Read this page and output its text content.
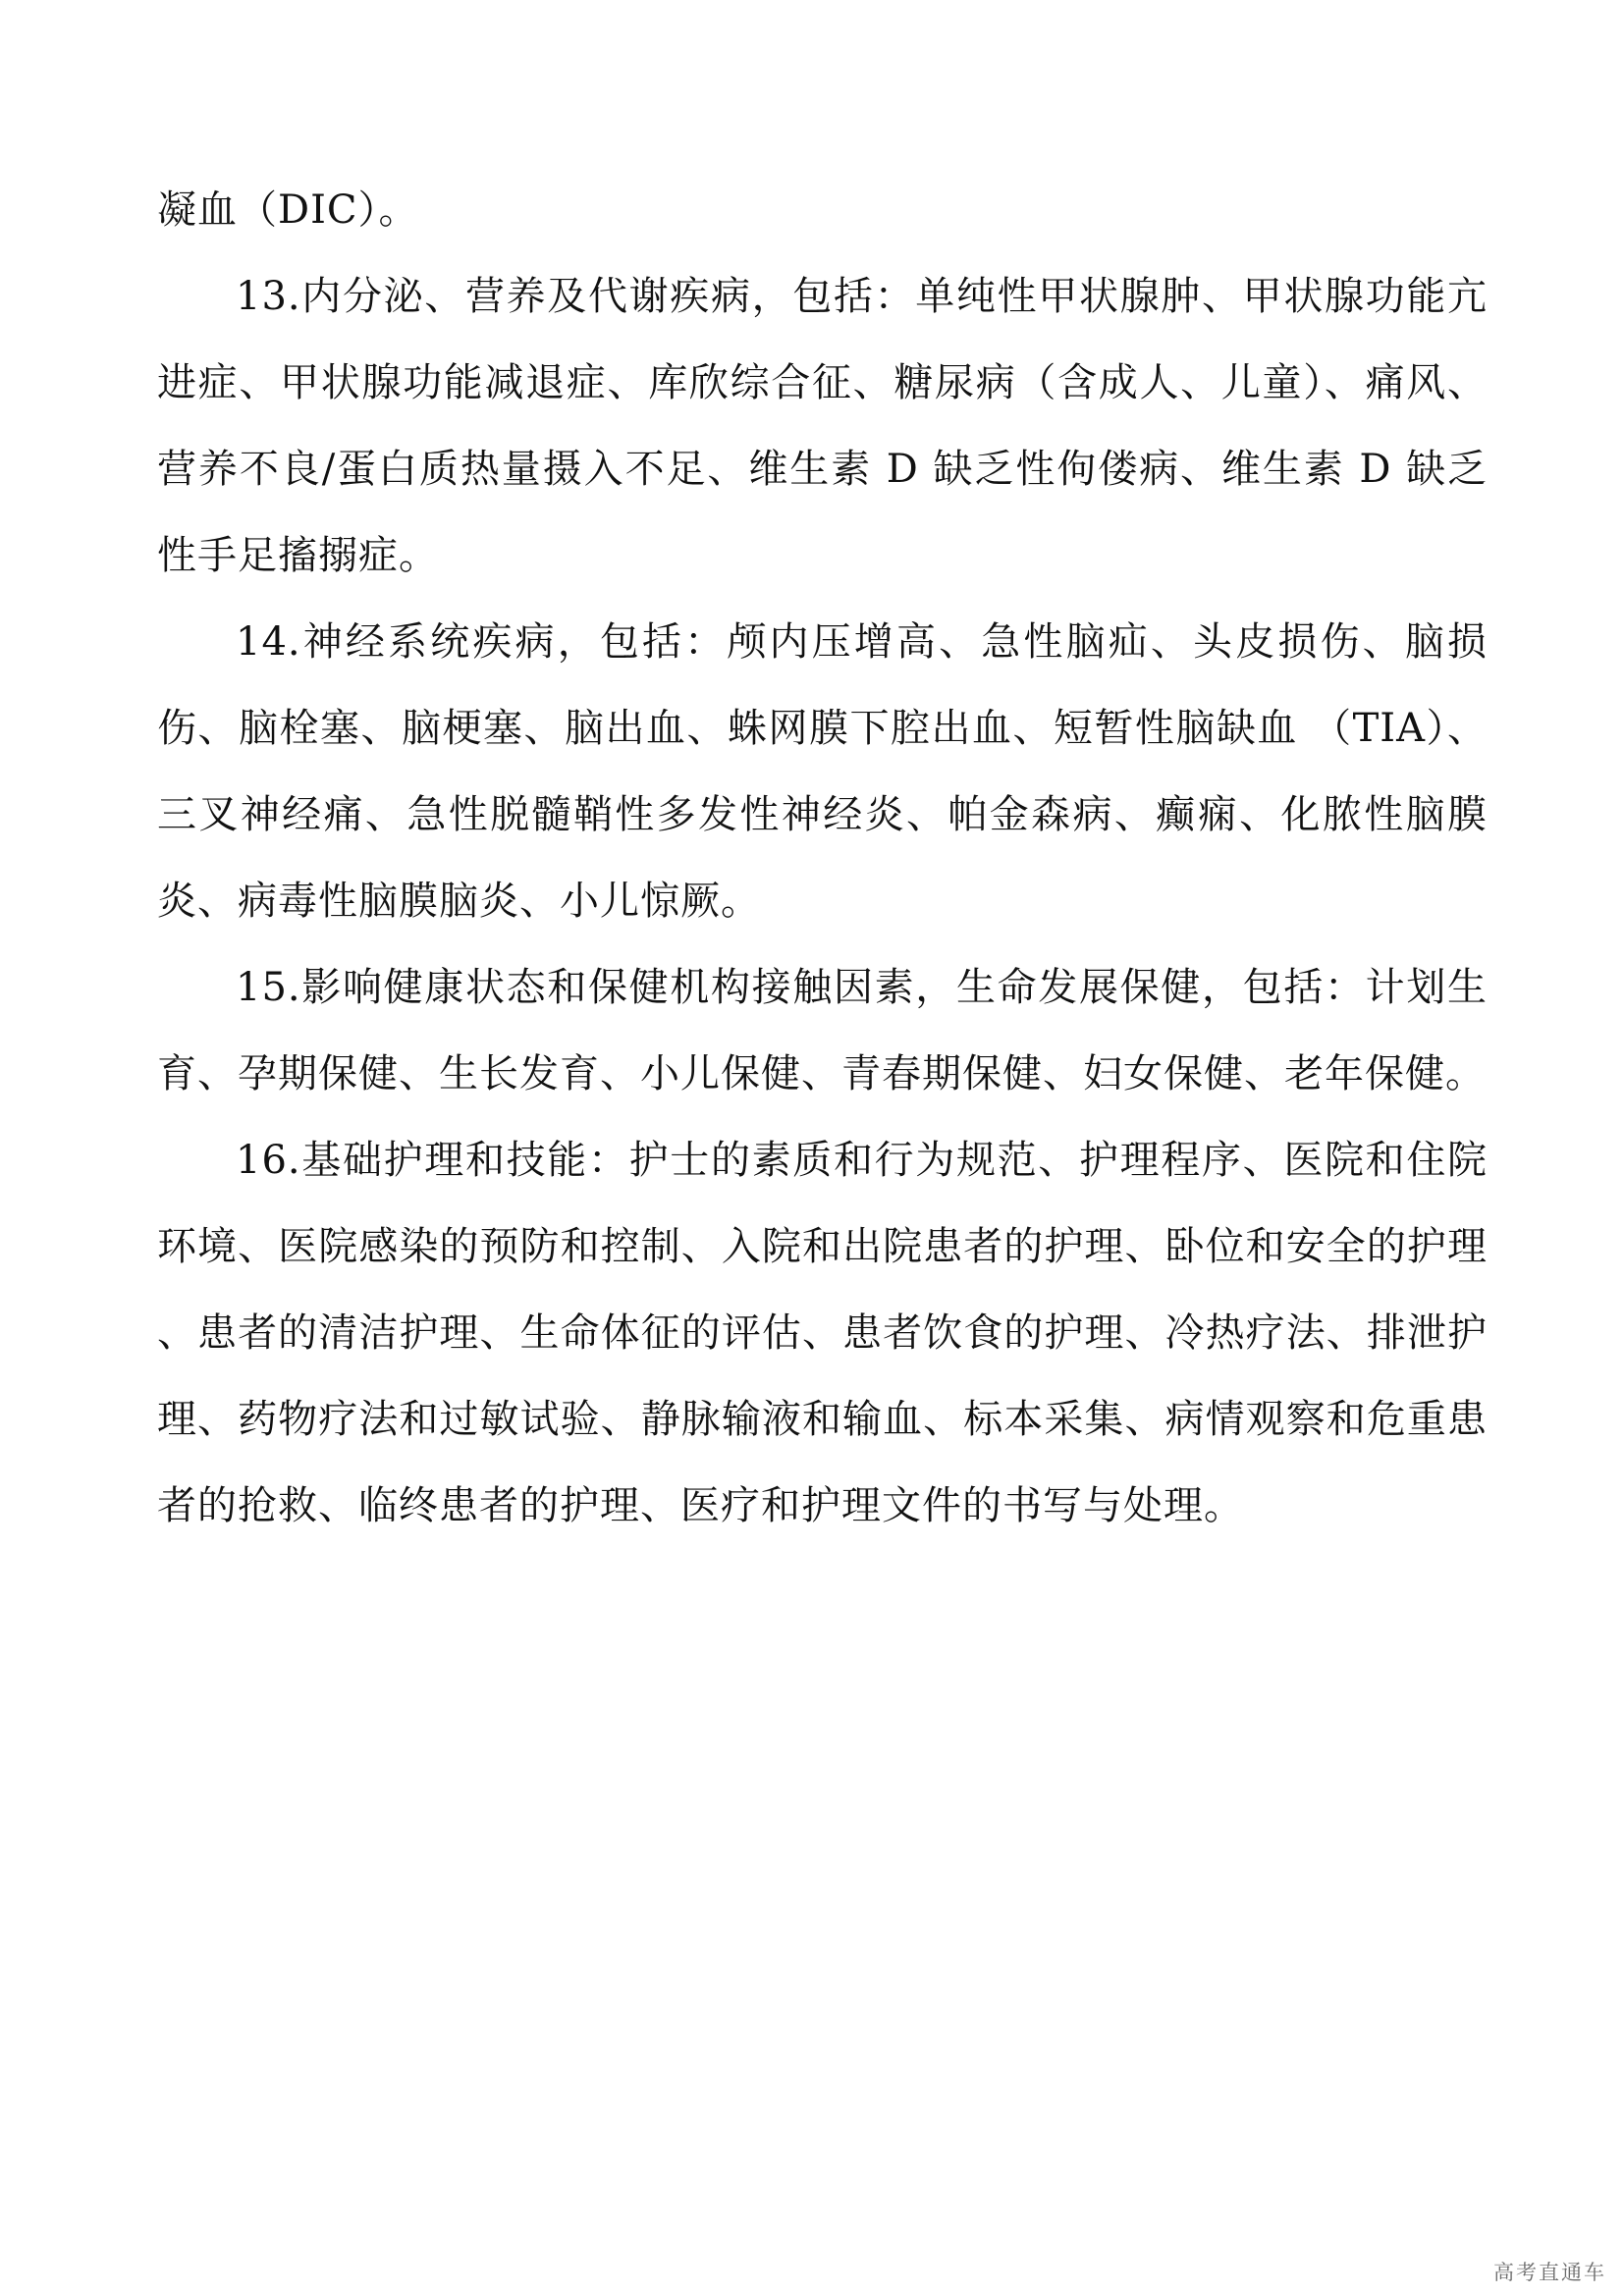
凝血（DIC）。

13.内分泌、营养及代谢疾病，包括：单纯性甲状腺肿、甲状腺功能亢进症、甲状腺功能减退症、库欣综合征、糖尿病（含成人、儿童）、痛风、营养不良/蛋白质热量摄入不足、维生素 D 缺乏性佝偻病、维生素 D 缺乏性手足搐搦症。

14.神经系统疾病，包括：颅内压增高、急性脑疝、头皮损伤、脑损伤、脑栓塞、脑梗塞、脑出血、蛛网膜下腔出血、短暂性脑缺血 （TIA）、三叉神经痛、急性脱髓鞘性多发性神经炎、帕金森病、癫痫、化脓性脑膜炎、病毒性脑膜脑炎、小儿惊厥。

15.影响健康状态和保健机构接触因素，生命发展保健，包括：计划生育、孕期保健、生长发育、小儿保健、青春期保健、妇女保健、老年保健。

16.基础护理和技能：护士的素质和行为规范、护理程序、医院和住院环境、医院感染的预防和控制、入院和出院患者的护理、卧位和安全的护理 、患者的清洁护理、生命体征的评估、患者饮食的护理、冷热疗法、排泄护理、药物疗法和过敏试验、静脉输液和输血、标本采集、病情观察和危重患者的抢救、临终患者的护理、医疗和护理文件的书写与处理。

高考直通车
